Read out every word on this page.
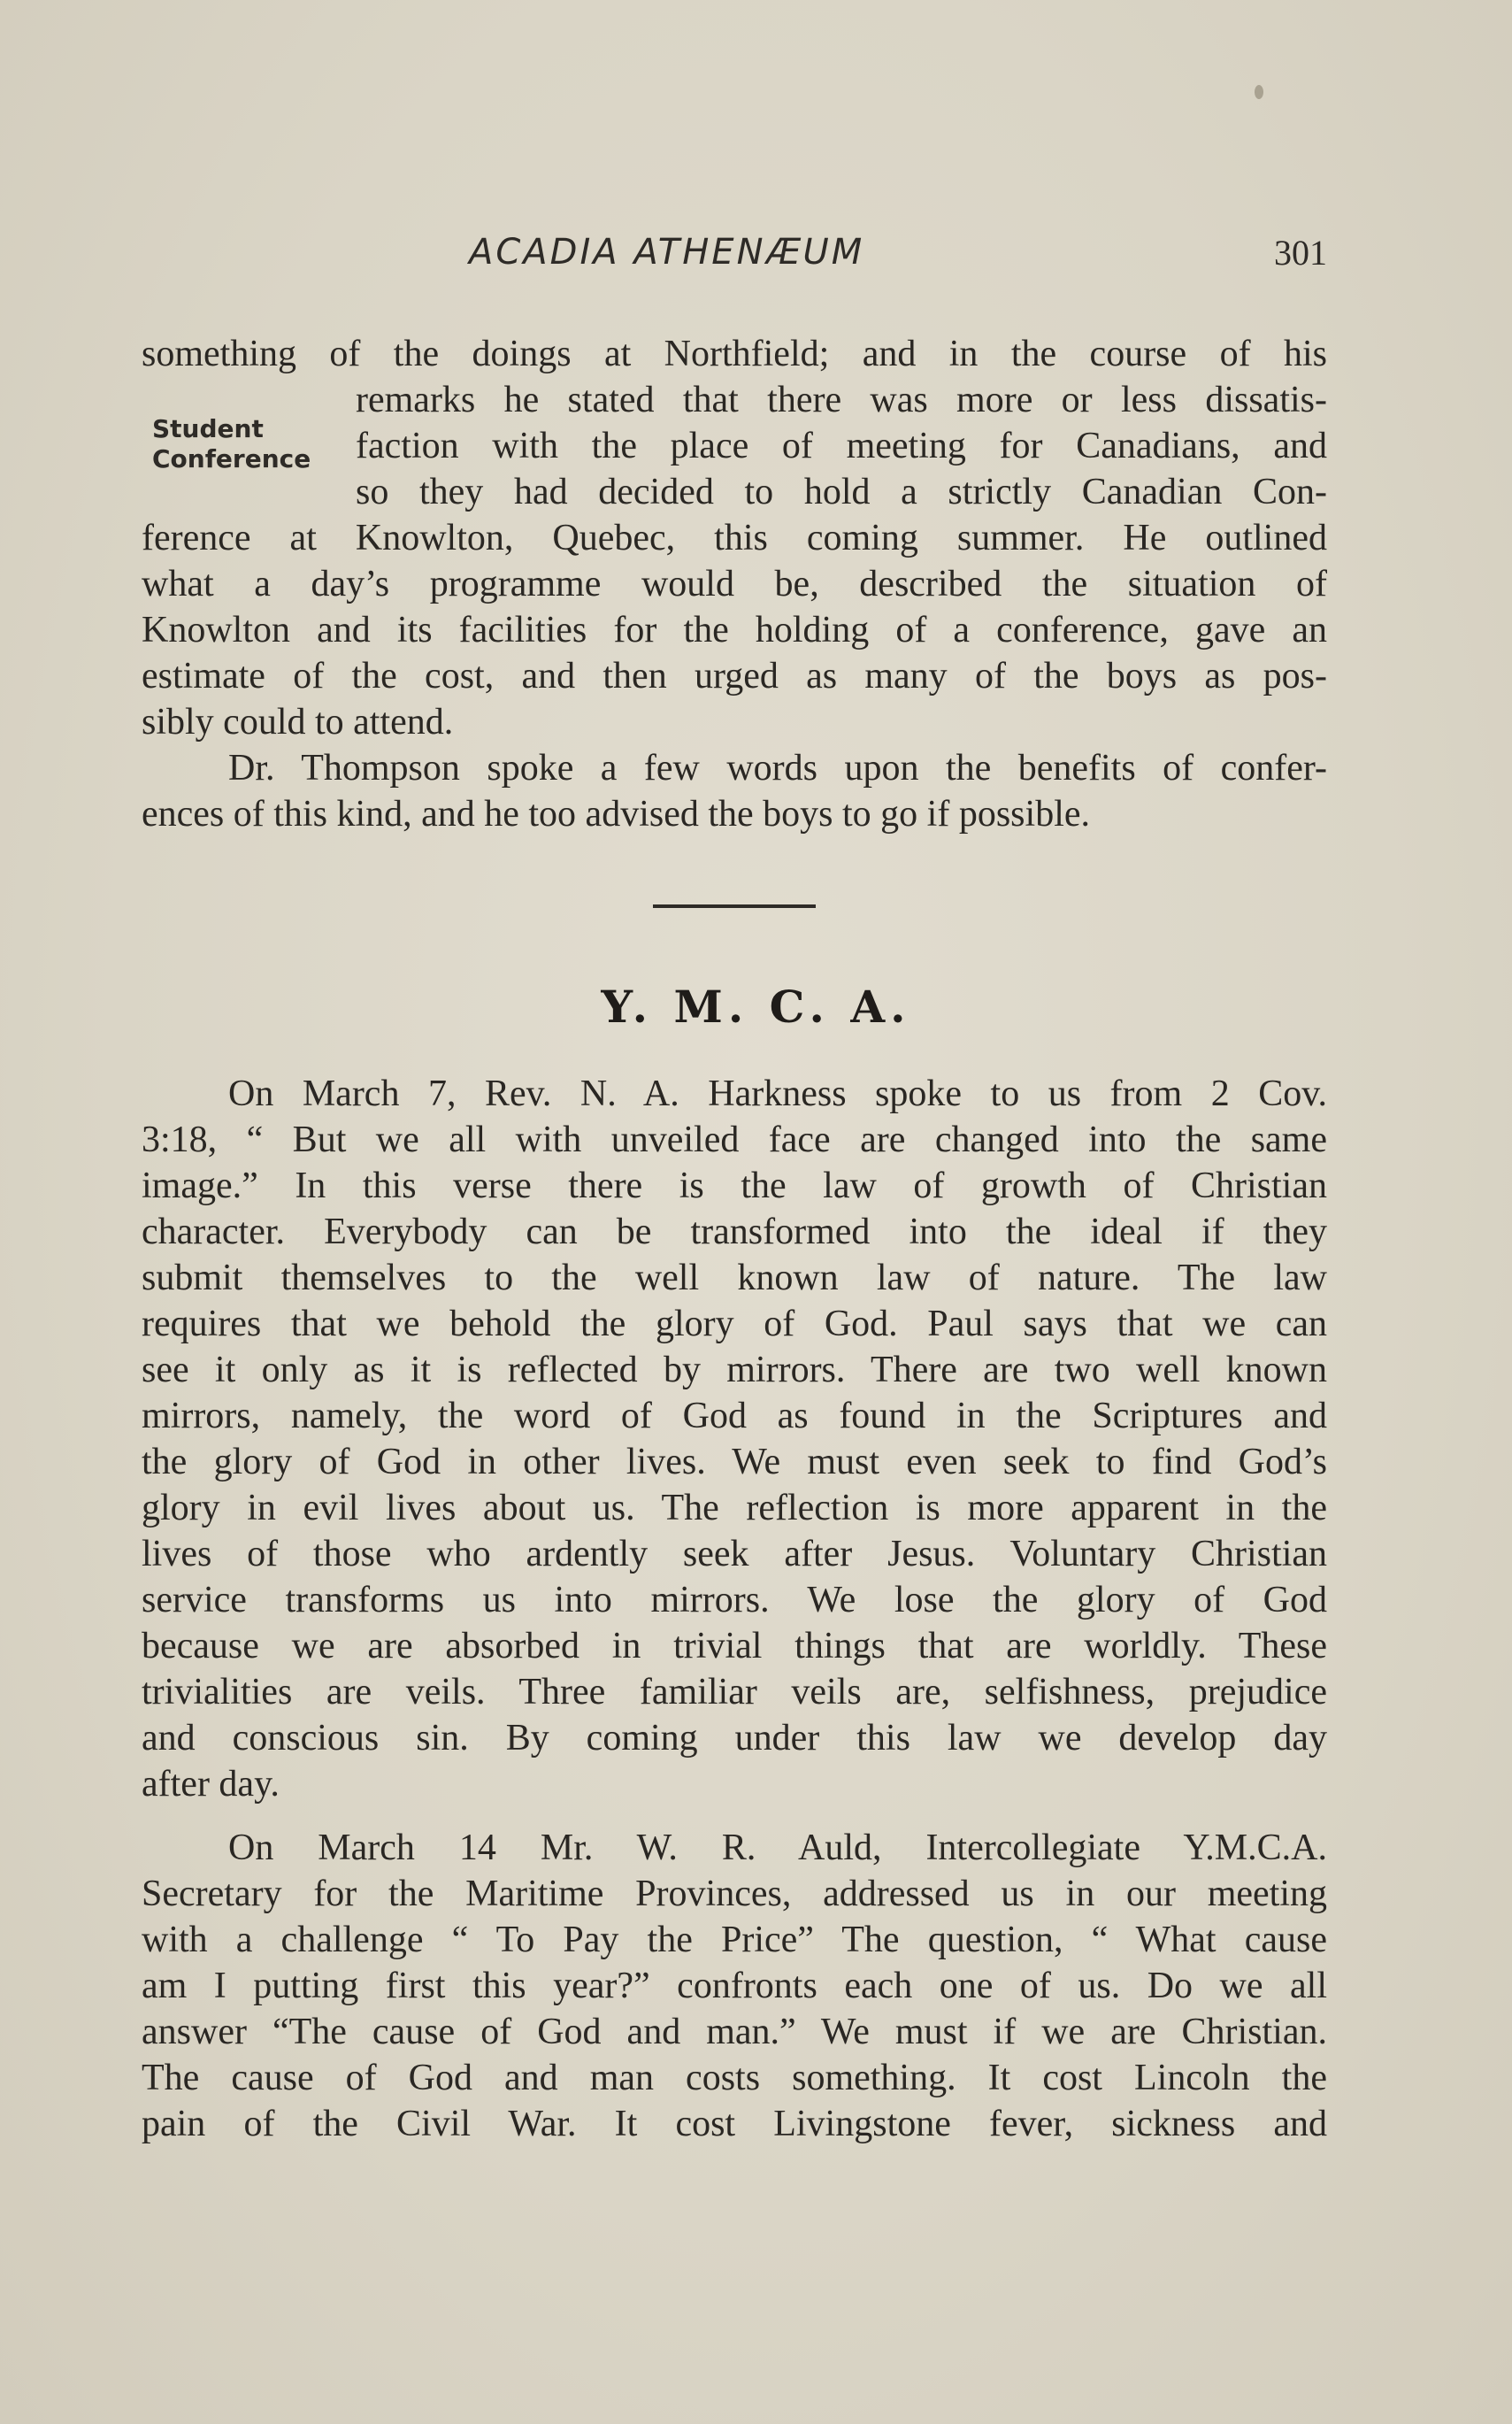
ACADIA ATHENÆUM	301
Student
Conference
something of the doings at Northfield; and in the course of his
remarks he stated that there was more or less dissatis-
faction with the place of meeting for Canadians, and
so they had decided to hold a strictly Canadian Con-
ference at Knowlton, Quebec, this coming summer. He outlined
what a day’s programme would be, described the situation of
Knowlton and its facilities for the holding of a conference, gave an
estimate of the cost, and then urged as many of the boys as pos-
sibly could to attend.
Dr. Thompson spoke a few words upon the benefits of confer-
ences of this kind, and he too advised the boys to go if possible.
Y. M. C. A.
On March 7, Rev. N. A. Harkness spoke to us from 2 Cov.
3:18, “ But we all with unveiled face are changed into the same
image.” In this verse there is the law of growth of Christian
character. Everybody can be transformed into the ideal if they
submit themselves to the well known law of nature. The law
requires that we behold the glory of God. Paul says that we can
see it only as it is reflected by mirrors. There are two well known
mirrors, namely, the word of God as found in the Scriptures and
the glory of God in other lives. We must even seek to find God’s
glory in evil lives about us. The reflection is more apparent in the
lives of those who ardently seek after Jesus. Voluntary Christian
service transforms us into mirrors. We lose the glory of God
because we are absorbed in trivial things that are worldly. These
trivialities are veils. Three familiar veils are, selfishness, prejudice
and conscious sin. By coming under this law we develop day
after day.
On March 14 Mr. W. R. Auld, Intercollegiate Y.M.C.A.
Secretary for the Maritime Provinces, addressed us in our meeting
with a challenge “ To Pay the Price” The question, “ What cause
am I putting first this year?” confronts each one of us. Do we all
answer “The cause of God and man.” We must if we are Christian.
The cause of God and man costs something. It cost Lincoln the
pain of the Civil War. It cost Livingstone fever, sickness and
